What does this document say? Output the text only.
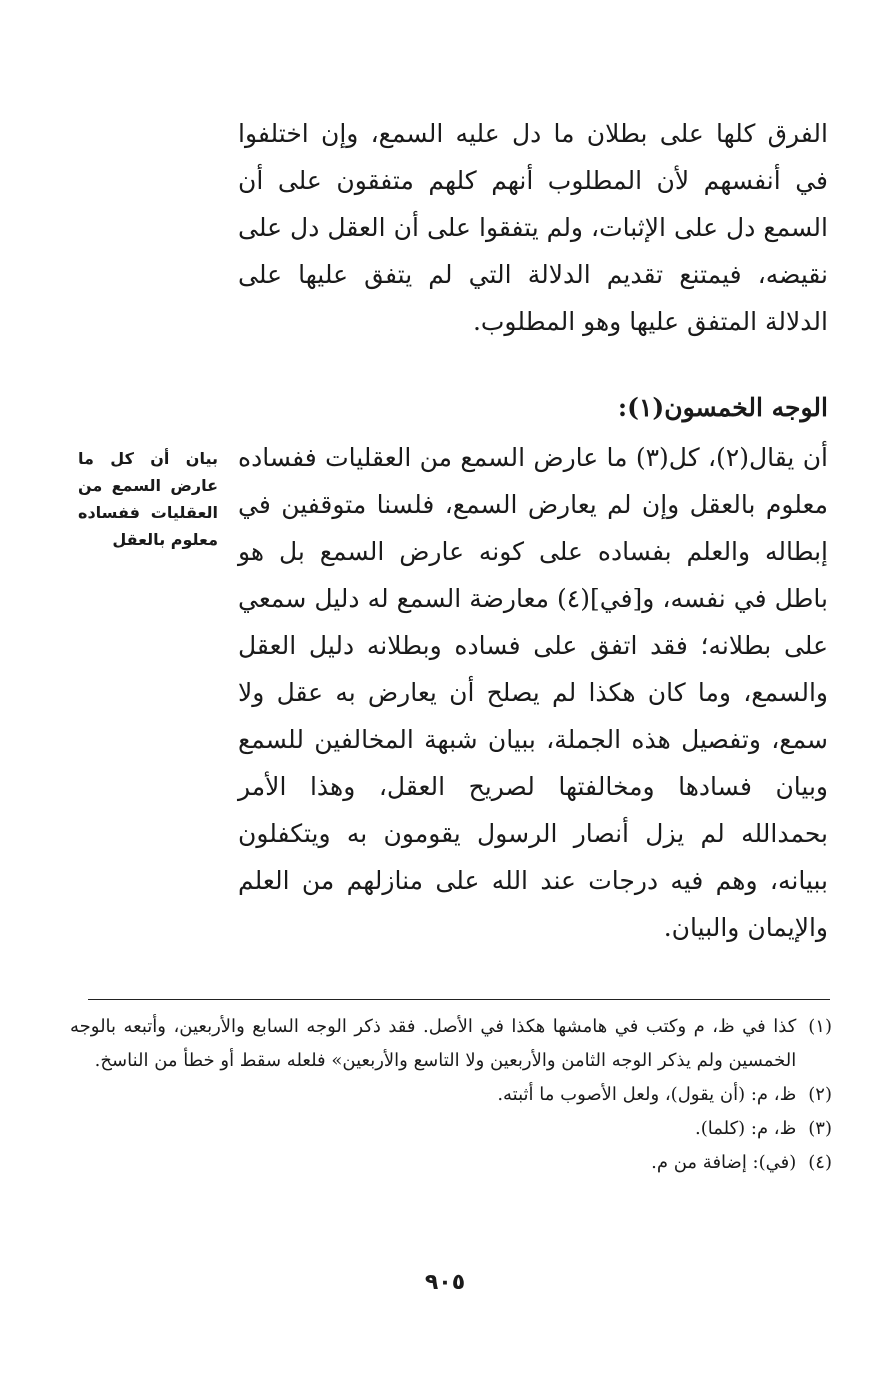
الفرق كلها على بطلان ما دل عليه السمع، وإن اختلفوا في أنفسهم لأن المطلوب أنهم كلهم متفقون على أن السمع دل على الإثبات، ولم يتفقوا على أن العقل دل على نقيضه، فيمتنع تقديم الدلالة التي لم يتفق عليها على الدلالة المتفق عليها وهو المطلوب.

الوجه الخمسون(١):

أن يقال(٢)، كل(٣) ما عارض السمع من العقليات ففساده معلوم بالعقل وإن لم يعارض السمع، فلسنا متوقفين في إبطاله والعلم بفساده على كونه عارض السمع بل هو باطل في نفسه، و[في](٤) معارضة السمع له دليل سمعي على بطلانه؛ فقد اتفق على فساده وبطلانه دليل العقل والسمع، وما كان هكذا لم يصلح أن يعارض به عقل ولا سمع، وتفصيل هذه الجملة، ببيان شبهة المخالفين للسمع وبيان فسادها ومخالفتها لصريح العقل، وهذا الأمر بحمدالله لم يزل أنصار الرسول يقومون به ويتكفلون ببيانه، وهم فيه درجات عند الله على منازلهم من العلم والإيمان والبيان.

بيان أن كل ما عارض السمع من العقليات ففساده معلوم بالعقل

(١)
كذا في ظ، م وكتب في هامشها هكذا في الأصل. فقد ذكر الوجه السابع والأربعين، وأتبعه بالوجه الخمسين ولم يذكر الوجه الثامن والأربعين ولا التاسع والأربعين» فلعله سقط أو خطأ من الناسخ.
(٢)
ظ، م: (أن يقول)، ولعل الأصوب ما أثبته.
(٣)
ظ، م: (كلما).
(٤)
(في): إضافة من م.
٩٠٥
